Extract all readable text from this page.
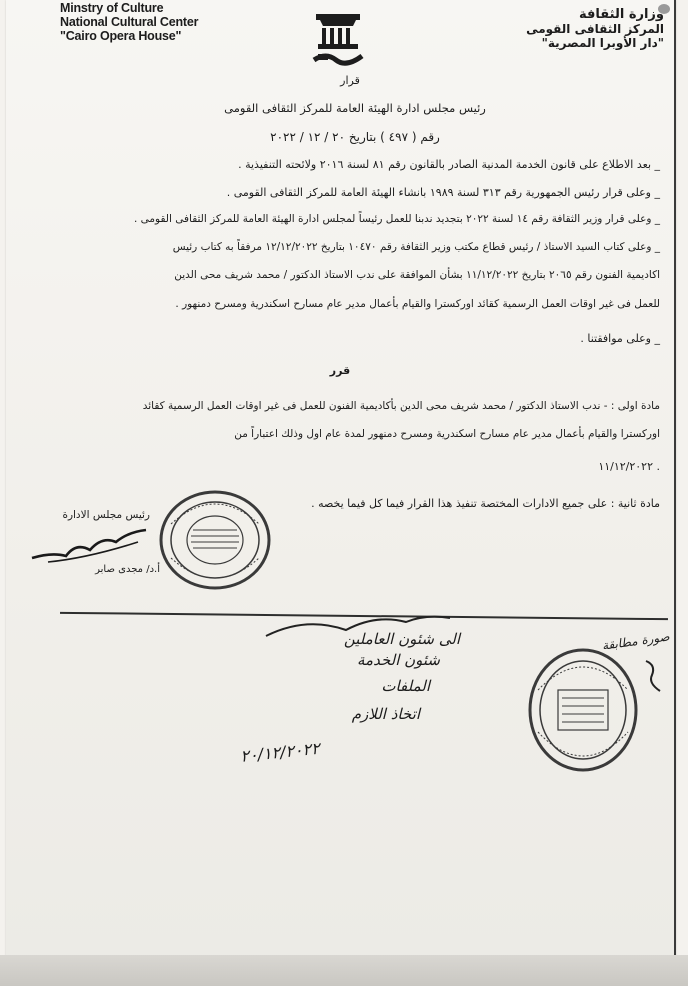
Minstry of Culture
National Cultural Center
"Cairo Opera House"
وزارة الثقافة
المركز الثقافى القومى
"دار الأوبرا المصرية"
قرار
رئيس مجلس ادارة الهيئة العامة للمركز الثقافى القومى
رقم ( ٤٩٧ ) بتاريخ ٢٠ / ١٢ / ٢٠٢٢
_ بعد الاطلاع على قانون الخدمة المدنية الصادر بالقانون رقم ٨١ لسنة ٢٠١٦ ولائحته التنفيذية .
_ وعلى قرار رئيس الجمهورية رقم ٣١٣ لسنة ١٩٨٩ بانشاء الهيئة العامة للمركز الثقافى القومى .
_ وعلى قرار وزير الثقافة رقم ١٤ لسنة ٢٠٢٢ بتجديد ندبنا للعمل رئيساً لمجلس ادارة الهيئة العامة للمركز الثقافى القومى .
_ وعلى كتاب السيد الاستاذ / رئيس قطاع مكتب وزير الثقافة رقم ١٠٤٧٠ بتاريخ ١٢/١٢/٢٠٢٢ مرفقاً به كتاب رئيس
اكاديمية الفنون رقم ٢٠٦٥ بتاريخ ١١/١٢/٢٠٢٢ بشأن الموافقة على ندب الاستاذ الدكتور / محمد شريف محى الدين
للعمل فى غير اوقات العمل الرسمية كقائد اوركسترا والقيام بأعمال مدير عام مسارح اسكندرية ومسرح دمنهور .
_ وعلى موافقتنا .
قرر
مادة اولى : - ندب الاستاذ الدكتور / محمد شريف محى الدين بأكاديمية الفنون للعمل فى غير اوقات العمل الرسمية كقائد
اوركسترا والقيام بأعمال مدير عام مسارح اسكندرية ومسرح دمنهور لمدة عام اول وذلك اعتباراً من
١١/١٢/٢٠٢٢ .
مادة ثانية : على جميع الادارات المختصة تنفيذ هذا القرار فيما كل فيما يخصه .
رئيس مجلس الادارة
أ.د/ مجدى صابر
الى شئون العاملين
شئون الخدمة
الملفات
اتخاذ اللازم
٢٠/١٢/٢٠٢٢
صورة مطابقة
